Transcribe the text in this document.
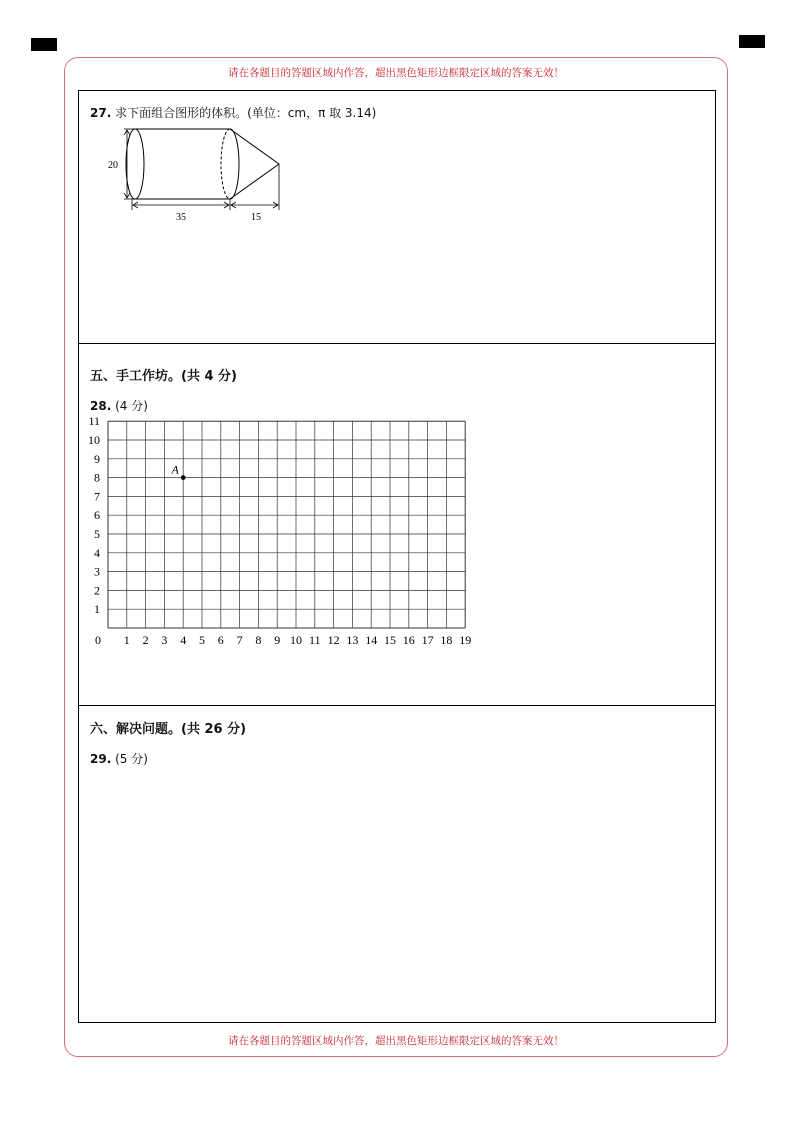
请在各题目的答题区域内作答，超出黑色矩形边框限定区域的答案无效！
请在各题目的答题区域内作答，超出黑色矩形边框限定区域的答案无效！
27. 求下面组合图形的体积。(单位：cm，π 取 3.14)
20
35	15
五、手工作坊。(共 4 分)
28. (4 分)
0 1 2 3 4 5 6 7 8 9 10 11 12 13 14 15 16 17 18 19
1
2
3
4
5
6
7
8
9
10
11
A
六、解决问题。(共 26 分)
29. (5 分)
